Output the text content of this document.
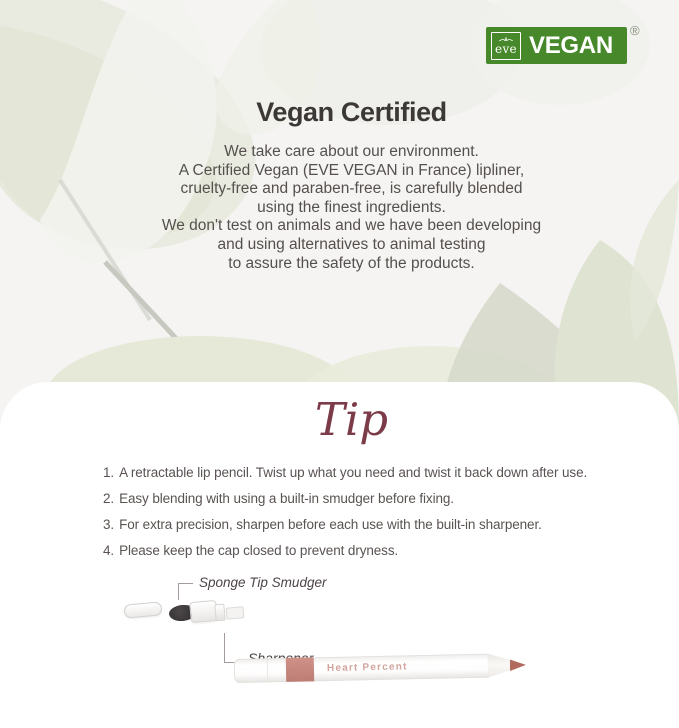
eve VEGAN
®
Vegan Certified
We take care about our environment.
A Certified Vegan (EVE VEGAN in France) lipliner,
cruelty-free and paraben-free, is carefully blended
using the finest ingredients.
We don't test on animals and we have been developing
and using alternatives to animal testing
to assure the safety of the products.
Tip
1. A retractable lip pencil. Twist up what you need and twist it back down after use.
2. Easy blending with using a built-in smudger before fixing.
3. For extra precision, sharpen before each use with the built-in sharpener.
4. Please keep the cap closed to prevent dryness.
Sponge Tip Smudger
Heart Percent
